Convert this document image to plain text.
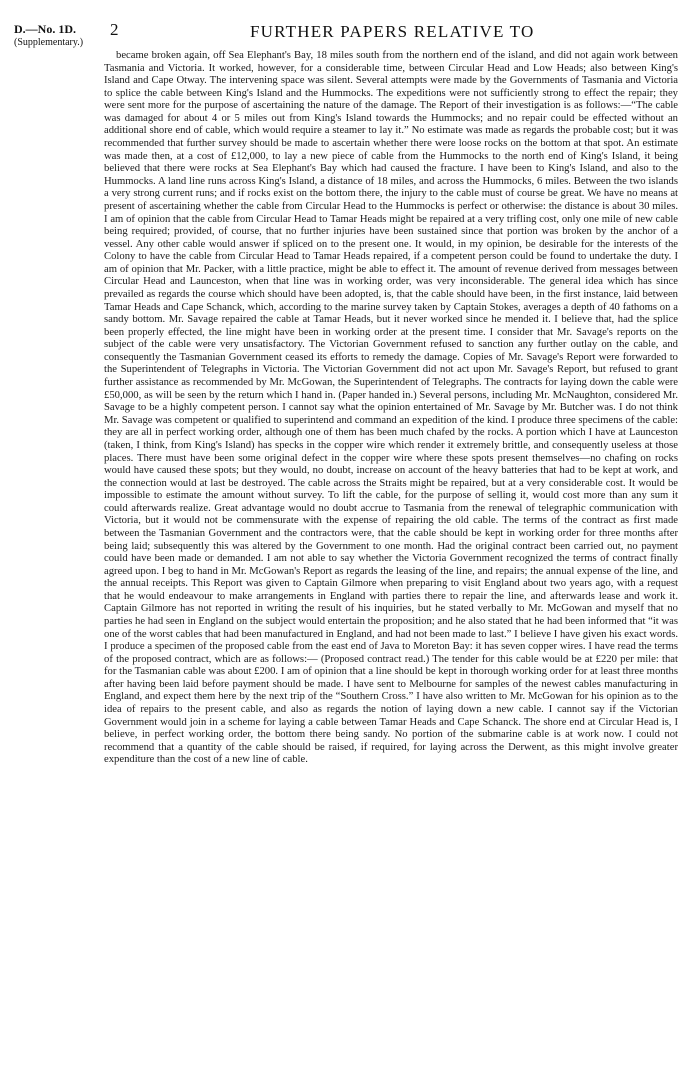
D.—No. 1D.
(Supplementary.)
2	FURTHER PAPERS RELATIVE TO

became broken again, off Sea Elephant's Bay, 18 miles south from the northern end of the island, and did not again work between Tasmania and Victoria. It worked, however, for a considerable time, between Circular Head and Low Heads; also between King's Island and Cape Otway. The intervening space was silent. Several attempts were made by the Governments of Tasmania and Victoria to splice the cable between King's Island and the Hummocks. The expeditions were not sufficiently strong to effect the repair; they were sent more for the purpose of ascertaining the nature of the damage. The Report of their investigation is as follows:—“The cable was damaged for about 4 or 5 miles out from King's Island towards the Hummocks; and no repair could be effected without an additional shore end of cable, which would require a steamer to lay it.” No estimate was made as regards the probable cost; but it was recommended that further survey should be made to ascertain whether there were loose rocks on the bottom at that spot. An estimate was made then, at a cost of £12,000, to lay a new piece of cable from the Hummocks to the north end of King's Island, it being believed that there were rocks at Sea Elephant's Bay which had caused the fracture. I have been to King's Island, and also to the Hummocks. A land line runs across King's Island, a distance of 18 miles, and across the Hummocks, 6 miles. Between the two islands a very strong current runs; and if rocks exist on the bottom there, the injury to the cable must of course be great. We have no means at present of ascertaining whether the cable from Circular Head to the Hummocks is perfect or otherwise: the distance is about 30 miles. I am of opinion that the cable from Circular Head to Tamar Heads might be repaired at a very trifling cost, only one mile of new cable being required; provided, of course, that no further injuries have been sustained since that portion was broken by the anchor of a vessel. Any other cable would answer if spliced on to the present one. It would, in my opinion, be desirable for the interests of the Colony to have the cable from Circular Head to Tamar Heads repaired, if a competent person could be found to undertake the duty. I am of opinion that Mr. Packer, with a little practice, might be able to effect it. The amount of revenue derived from messages between Circular Head and Launceston, when that line was in working order, was very inconsiderable. The general idea which has since prevailed as regards the course which should have been adopted, is, that the cable should have been, in the first instance, laid between Tamar Heads and Cape Schanck, which, according to the marine survey taken by Captain Stokes, averages a depth of 40 fathoms on a sandy bottom. Mr. Savage repaired the cable at Tamar Heads, but it never worked since he mended it. I believe that, had the splice been properly effected, the line might have been in working order at the present time. I consider that Mr. Savage's reports on the subject of the cable were very unsatisfactory. The Victorian Government refused to sanction any further outlay on the cable, and consequently the Tasmanian Government ceased its efforts to remedy the damage. Copies of Mr. Savage's Report were forwarded to the Superintendent of Telegraphs in Victoria. The Victorian Government did not act upon Mr. Savage's Report, but refused to grant further assistance as recommended by Mr. McGowan, the Superintendent of Telegraphs. The contracts for laying down the cable were £50,000, as will be seen by the return which I hand in. (Paper handed in.) Several persons, including Mr. McNaughton, considered Mr. Savage to be a highly competent person. I cannot say what the opinion entertained of Mr. Savage by Mr. Butcher was. I do not think Mr. Savage was competent or qualified to superintend and command an expedition of the kind. I produce three specimens of the cable: they are all in perfect working order, although one of them has been much chafed by the rocks. A portion which I have at Launceston (taken, I think, from King's Island) has specks in the copper wire which render it extremely brittle, and consequently useless at those places. There must have been some original defect in the copper wire where these spots present themselves—no chafing on rocks would have caused these spots; but they would, no doubt, increase on account of the heavy batteries that had to be kept at work, and the connection would at last be destroyed. The cable across the Straits might be repaired, but at a very considerable cost. It would be impossible to estimate the amount without survey. To lift the cable, for the purpose of selling it, would cost more than any sum it could afterwards realize. Great advantage would no doubt accrue to Tasmania from the renewal of telegraphic communication with Victoria, but it would not be commensurate with the expense of repairing the old cable. The terms of the contract as first made between the Tasmanian Government and the contractors were, that the cable should be kept in working order for three months after being laid; subsequently this was altered by the Government to one month. Had the original contract been carried out, no payment could have been made or demanded. I am not able to say whether the Victoria Government recognized the terms of contract finally agreed upon. I beg to hand in Mr. McGowan's Report as regards the leasing of the line, and repairs; the annual expense of the line, and the annual receipts. This Report was given to Captain Gilmore when preparing to visit England about two years ago, with a request that he would endeavour to make arrangements in England with parties there to repair the line, and afterwards lease and work it. Captain Gilmore has not reported in writing the result of his inquiries, but he stated verbally to Mr. McGowan and myself that no parties he had seen in England on the subject would entertain the proposition; and he also stated that he had been informed that “it was one of the worst cables that had been manufactured in England, and had not been made to last.” I believe I have given his exact words. I produce a specimen of the proposed cable from the east end of Java to Moreton Bay: it has seven copper wires. I have read the terms of the proposed contract, which are as follows:— (Proposed contract read.) The tender for this cable would be at £220 per mile: that for the Tasmanian cable was about £200. I am of opinion that a line should be kept in thorough working order for at least three months after having been laid before payment should be made. I have sent to Melbourne for samples of the newest cables manufacturing in England, and expect them here by the next trip of the “Southern Cross.” I have also written to Mr. McGowan for his opinion as to the idea of repairs to the present cable, and also as regards the notion of laying down a new cable. I cannot say if the Victorian Government would join in a scheme for laying a cable between Tamar Heads and Cape Schanck. The shore end at Circular Head is, I believe, in perfect working order, the bottom there being sandy. No portion of the submarine cable is at work now. I could not recommend that a quantity of the cable should be raised, if required, for laying across the Derwent, as this might involve greater expenditure than the cost of a new line of cable.
